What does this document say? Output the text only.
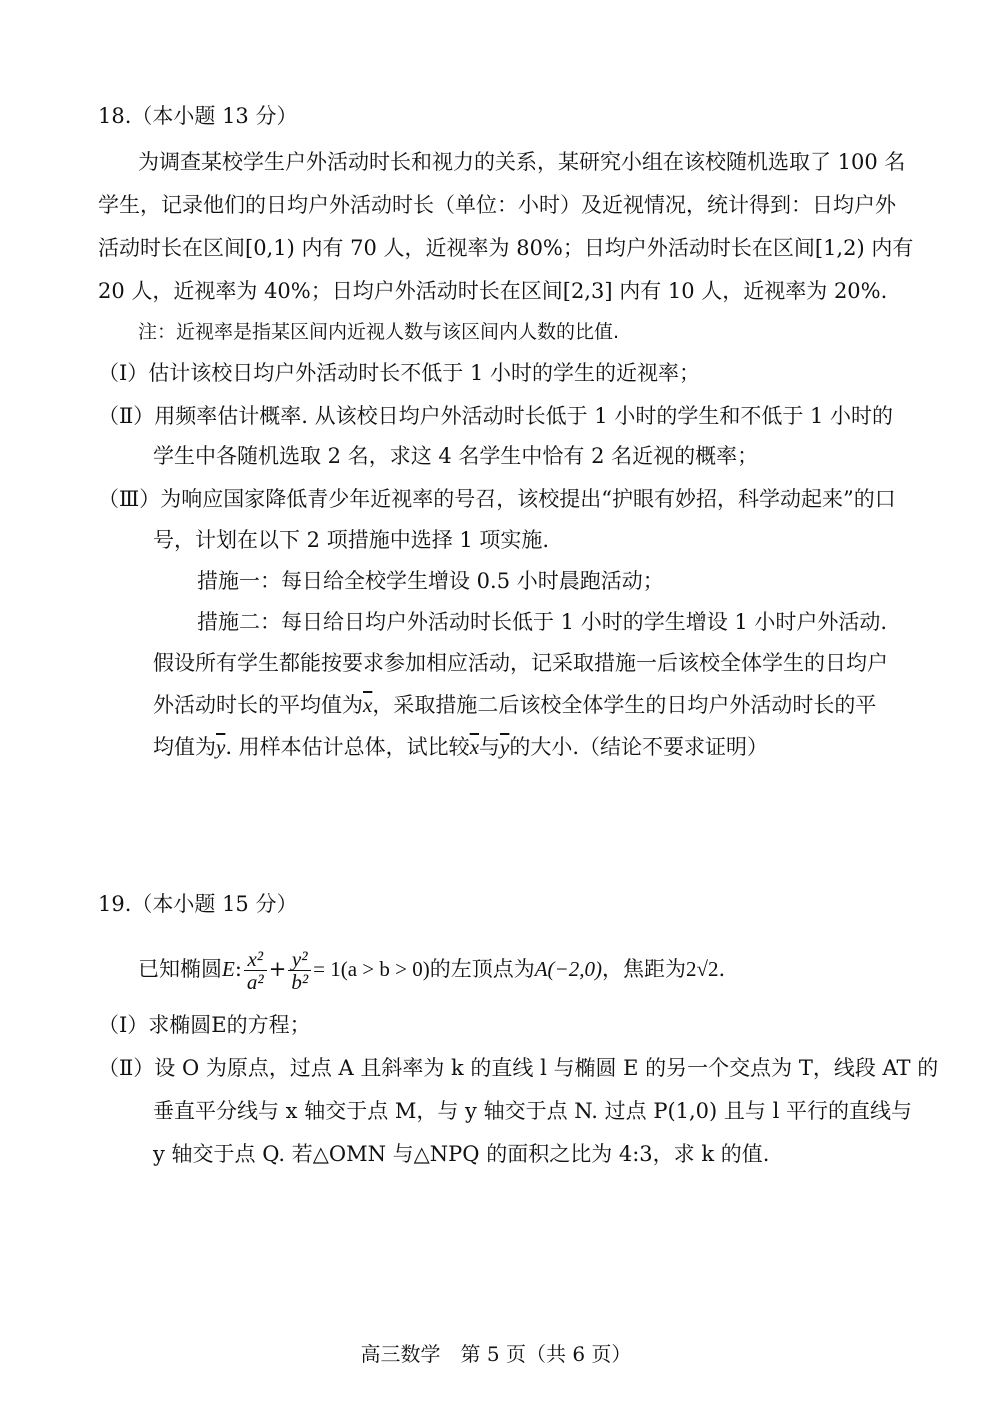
18.（本小题 13 分）
为调查某校学生户外活动时长和视力的关系，某研究小组在该校随机选取了 100 名
学生，记录他们的日均户外活动时长（单位：小时）及近视情况，统计得到：日均户外
活动时长在区间[0,1) 内有 70 人，近视率为 80%；日均户外活动时长在区间[1,2) 内有
20 人，近视率为 40%；日均户外活动时长在区间[2,3] 内有 10 人，近视率为 20%.
注：近视率是指某区间内近视人数与该区间内人数的比值.
（Ⅰ）估计该校日均户外活动时长不低于 1 小时的学生的近视率；
（Ⅱ）用频率估计概率. 从该校日均户外活动时长低于 1 小时的学生和不低于 1 小时的
学生中各随机选取 2 名，求这 4 名学生中恰有 2 名近视的概率；
（Ⅲ）为响应国家降低青少年近视率的号召，该校提出“护眼有妙招，科学动起来”的口
号，计划在以下 2 项措施中选择 1 项实施.
措施一：每日给全校学生增设 0.5 小时晨跑活动；
措施二：每日给日均户外活动时长低于 1 小时的学生增设 1 小时户外活动.
假设所有学生都能按要求参加相应活动，记采取措施一后该校全体学生的日均户
外活动时长的平均值为$\overline{x}$，采取措施二后该校全体学生的日均户外活动时长的平
均值为$\overline{y}$. 用样本估计总体，试比较$\overline{x}$与$\overline{y}$的大小.（结论不要求证明）
19.（本小题 15 分）
已知椭圆E: $\frac{\text{x²}}{\text{a²}} + \frac{\text{y²}}{\text{b²}} = 1(a > b > 0)$的左顶点为A(−2,0)，焦距为2√2.
（Ⅰ）求椭圆E的方程；
（Ⅱ）设 O 为原点，过点 A 且斜率为 k 的直线 l 与椭圆 E 的另一个交点为 T，线段 AT 的
垂直平分线与 x 轴交于点 M，与 y 轴交于点 N. 过点 P(1,0) 且与 l 平行的直线与
y 轴交于点 Q. 若△OMN 与△NPQ 的面积之比为 4:3，求 k 的值.
高三数学　第 5 页（共 6 页）
